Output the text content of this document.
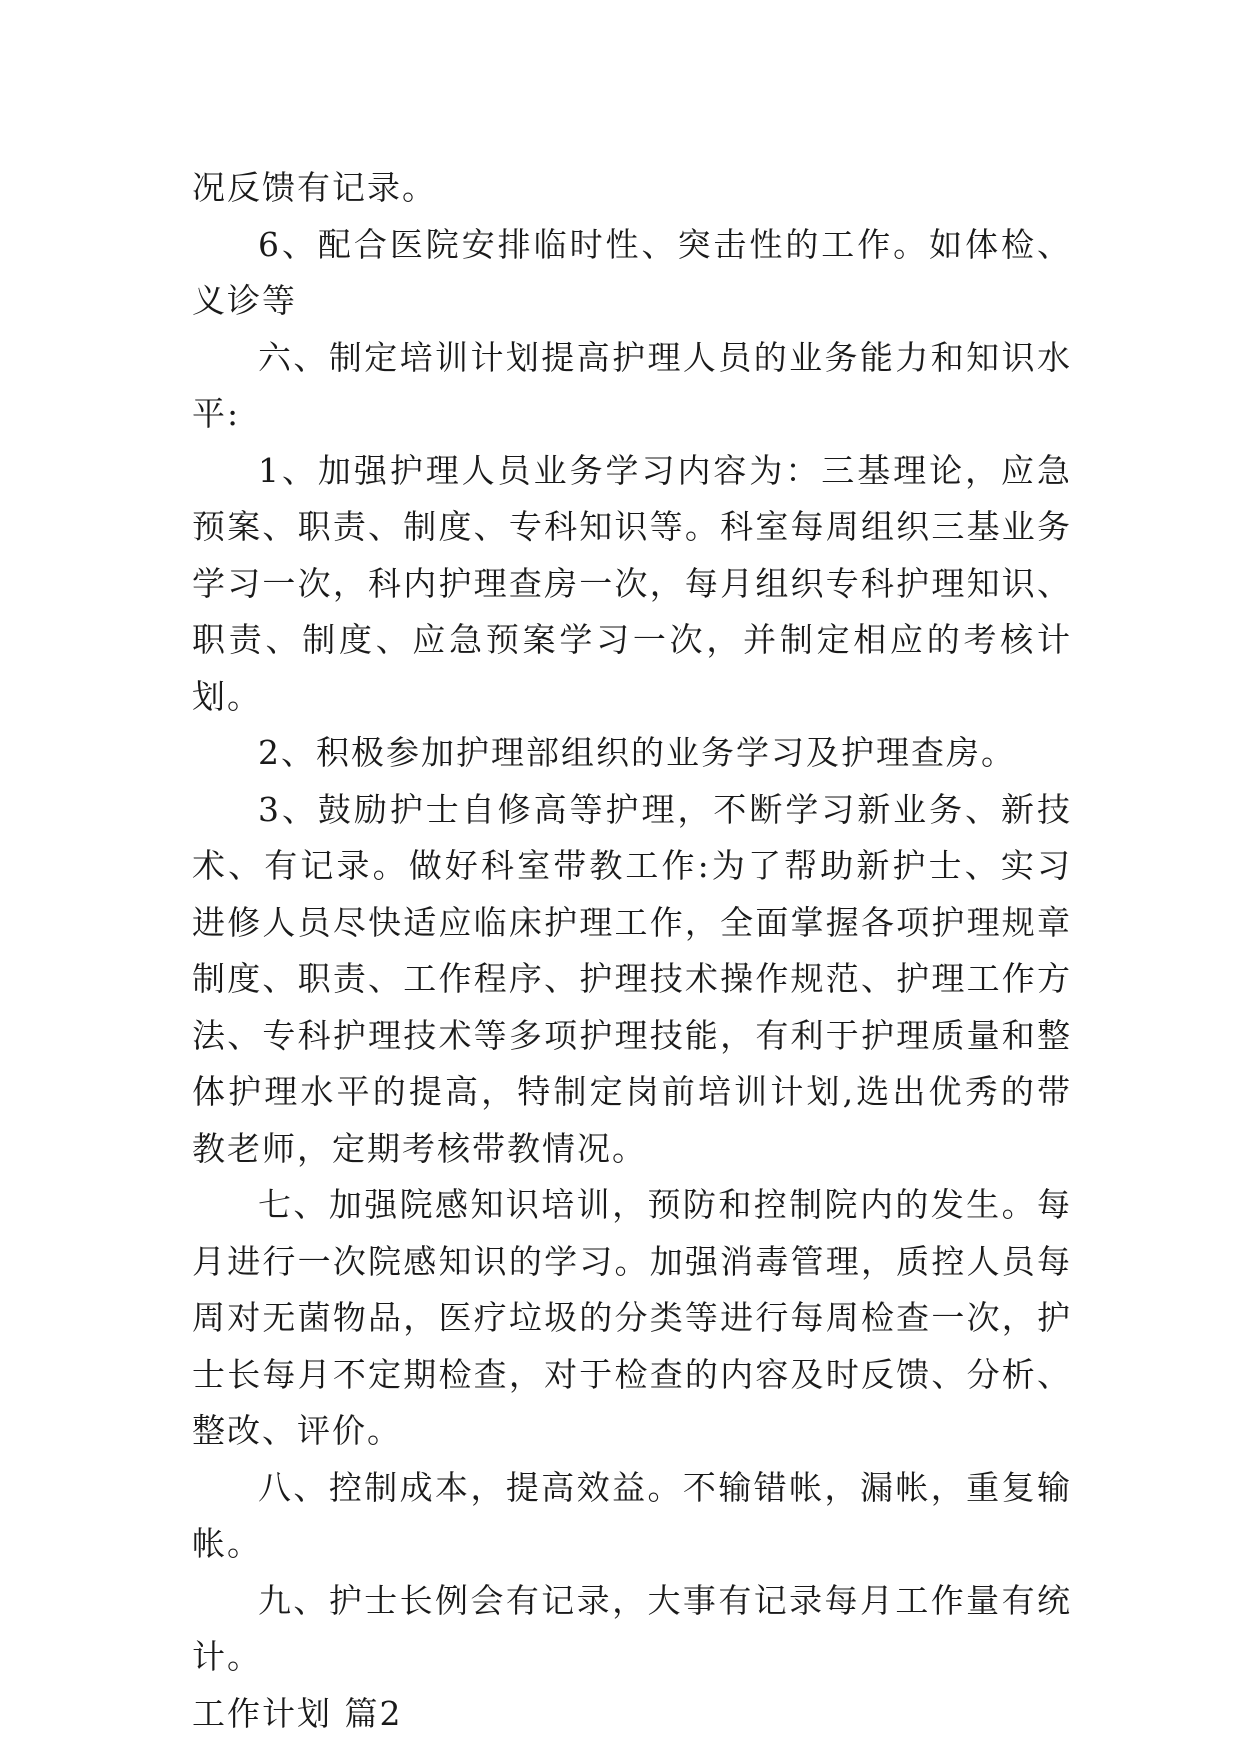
况反馈有记录。

6、配合医院安排临时性、突击性的工作。如体检、义诊等

六、制定培训计划提高护理人员的业务能力和知识水平:

1、加强护理人员业务学习内容为：三基理论，应急预案、职责、制度、专科知识等。科室每周组织三基业务学习一次，科内护理查房一次，每月组织专科护理知识、职责、制度、应急预案学习一次，并制定相应的考核计划。

2、积极参加护理部组织的业务学习及护理查房。

3、鼓励护士自修高等护理，不断学习新业务、新技术、有记录。做好科室带教工作:为了帮助新护士、实习进修人员尽快适应临床护理工作，全面掌握各项护理规章制度、职责、工作程序、护理技术操作规范、护理工作方法、专科护理技术等多项护理技能，有利于护理质量和整体护理水平的提高，特制定岗前培训计划,选出优秀的带教老师，定期考核带教情况。

七、加强院感知识培训，预防和控制院内的发生。每月进行一次院感知识的学习。加强消毒管理，质控人员每周对无菌物品，医疗垃圾的分类等进行每周检查一次，护士长每月不定期检查，对于检查的内容及时反馈、分析、整改、评价。

八、控制成本，提高效益。不输错帐，漏帐，重复输帐。

九、护士长例会有记录，大事有记录每月工作量有统计。

工作计划 篇2
